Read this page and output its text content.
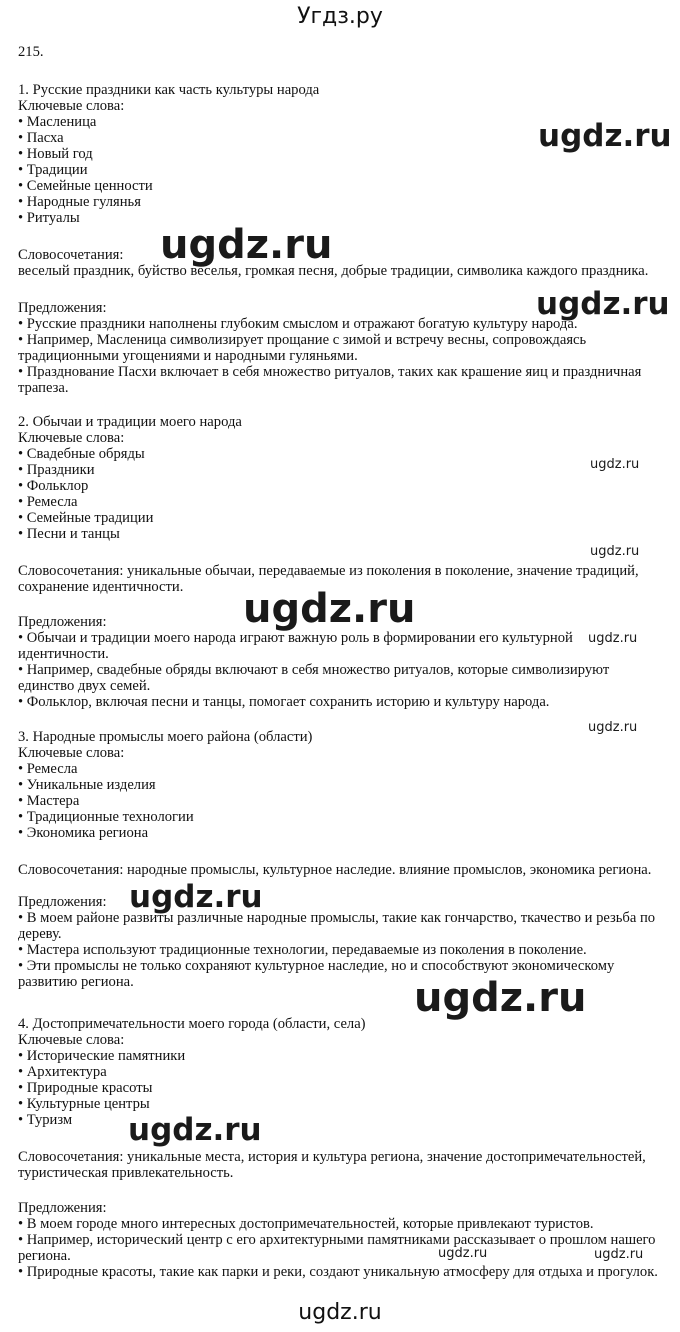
Угдз.ру
215.
1. Русские праздники как часть культуры народа
Ключевые слова:
• Масленица
• Пасха
• Новый год
• Традиции
• Семейные ценности
• Народные гулянья
• Ритуалы
Словосочетания:
веселый праздник, буйство веселья, громкая песня, добрые традиции, символика каждого праздника.
Предложения:
• Русские праздники наполнены глубоким смыслом и отражают богатую культуру народа.
• Например, Масленица символизирует прощание с зимой и встречу весны, сопровождаясь
традиционными угощениями и народными гуляньями.
• Празднование Пасхи включает в себя множество ритуалов, таких как крашение яиц и праздничная
трапеза.
2. Обычаи и традиции моего народа
Ключевые слова:
• Свадебные обряды
• Праздники
• Фольклор
• Ремесла
• Семейные традиции
• Песни и танцы
Словосочетания: уникальные обычаи, передаваемые из поколения в поколение, значение традиций,
сохранение идентичности.
Предложения:
• Обычаи и традиции моего народа играют важную роль в формировании его культурной
идентичности.
• Например, свадебные обряды включают в себя множество ритуалов, которые символизируют
единство двух семей.
• Фольклор, включая песни и танцы, помогает сохранить историю и культуру народа.
3. Народные промыслы моего района (области)
Ключевые слова:
• Ремесла
• Уникальные изделия
• Мастера
• Традиционные технологии
• Экономика региона
Словосочетания: народные промыслы, культурное наследие. влияние промыслов, экономика региона.
Предложения:
• В моем районе развиты различные народные промыслы, такие как гончарство, ткачество и резьба по
дереву.
• Мастера используют традиционные технологии, передаваемые из поколения в поколение.
• Эти промыслы не только сохраняют культурное наследие, но и способствуют экономическому
развитию региона.
4. Достопримечательности моего города (области, села)
Ключевые слова:
• Исторические памятники
• Архитектура
• Природные красоты
• Культурные центры
• Туризм
Словосочетания: уникальные места, история и культура региона, значение достопримечательностей,
туристическая привлекательность.
Предложения:
• В моем городе много интересных достопримечательностей, которые привлекают туристов.
• Например, исторический центр с его архитектурными памятниками рассказывает о прошлом нашего
региона.
• Природные красоты, такие как парки и реки, создают уникальную атмосферу для отдыха и прогулок.
ugdz.ru
ugdz.ru
ugdz.ru
ugdz.ru
ugdz.ru
ugdz.ru
ugdz.ru
ugdz.ru
ugdz.ru
ugdz.ru
ugdz.ru
ugdz.ru	ugdz.ru
ugdz.ru
